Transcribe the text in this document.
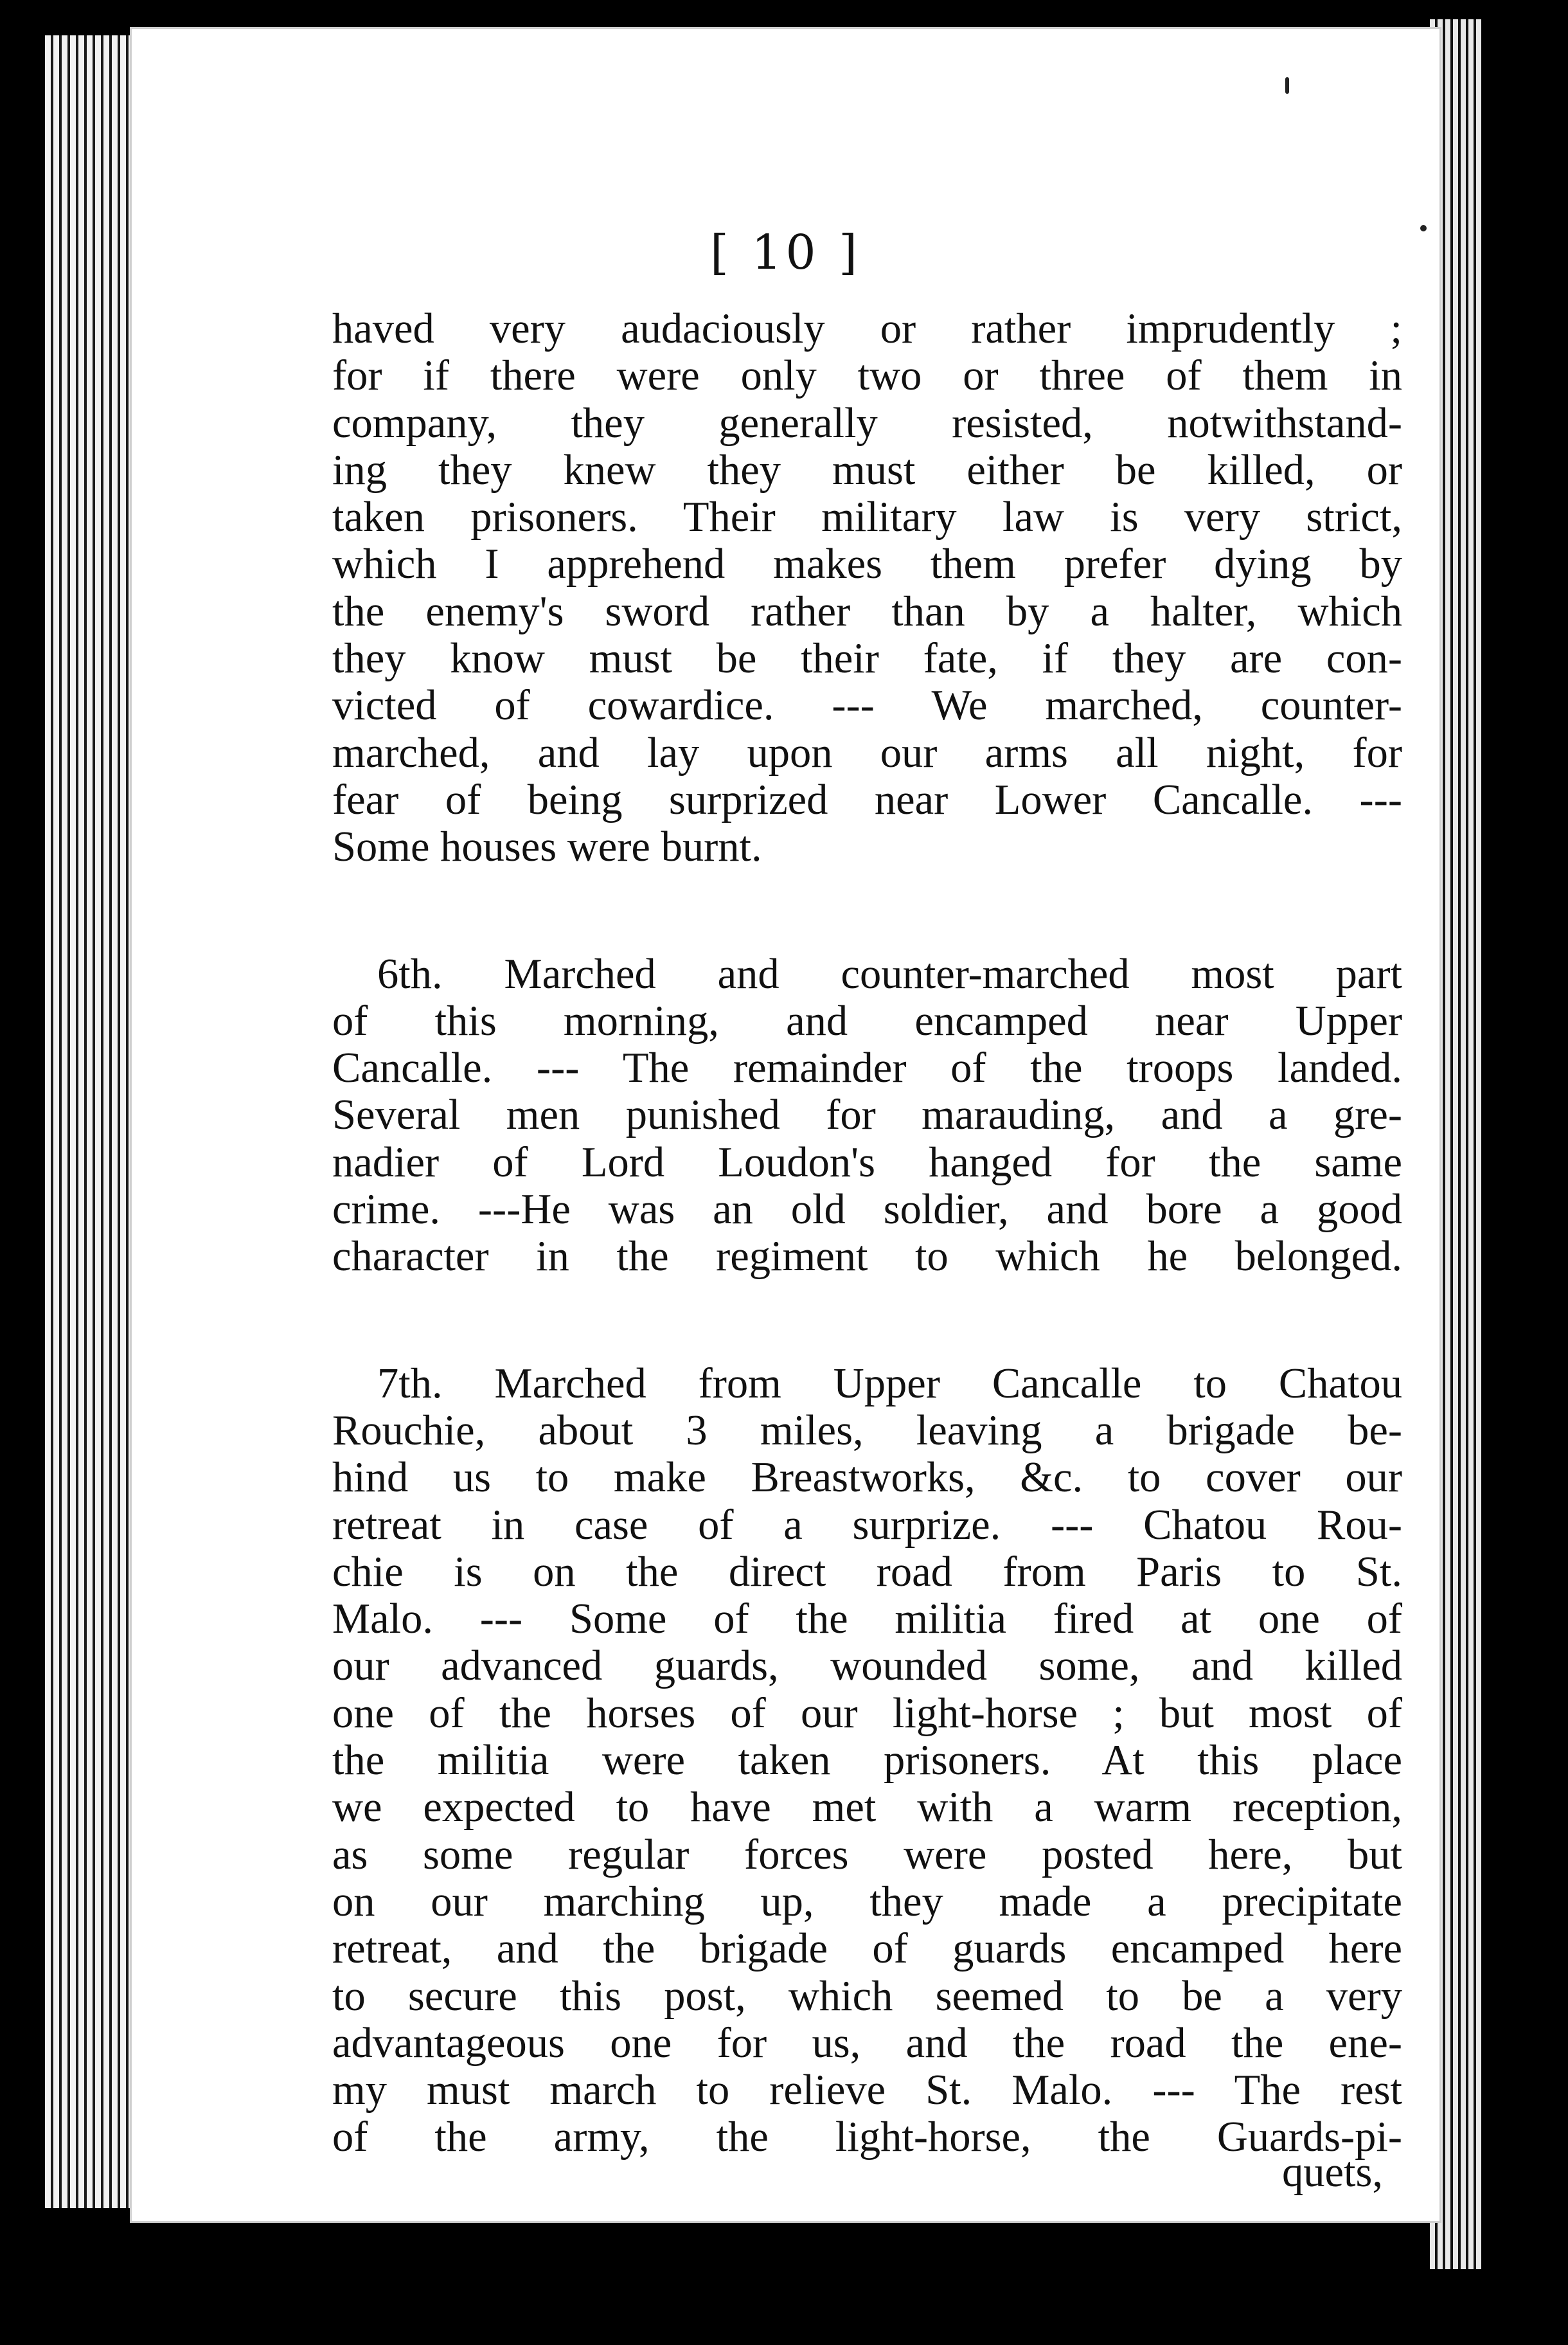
[ 10 ]
haved very audaciously or rather imprudently ;
for if there were only two or three of them in
company, they generally resisted, notwithstand-
ing they knew they must either be killed, or
taken prisoners. Their military law is very strict,
which I apprehend makes them prefer dying by
the enemy's sword rather than by a halter, which
they know must be their fate, if they are con-
victed of cowardice. --- We marched, counter-
marched, and lay upon our arms all night, for
fear of being surprized near Lower Cancalle. ---
Some houses were burnt.
6th. Marched and counter-marched most part
of this morning, and encamped near Upper
Cancalle. --- The remainder of the troops landed.
Several men punished for marauding, and a gre-
nadier of Lord Loudon's hanged for the same
crime. ---He was an old soldier, and bore a good
character in the regiment to which he belonged.
7th. Marched from Upper Cancalle to Chatou
Rouchie, about 3 miles, leaving a brigade be-
hind us to make Breastworks, &c. to cover our
retreat in case of a surprize. --- Chatou Rou-
chie is on the direct road from Paris to St.
Malo. --- Some of the militia fired at one of
our advanced guards, wounded some, and killed
one of the horses of our light-horse ; but most of
the militia were taken prisoners. At this place
we expected to have met with a warm reception,
as some regular forces were posted here, but
on our marching up, they made a precipitate
retreat, and the brigade of guards encamped here
to secure this post, which seemed to be a very
advantageous one for us, and the road the ene-
my must march to relieve St. Malo. --- The rest
of the army, the light-horse, the Guards-pi-
quets,
